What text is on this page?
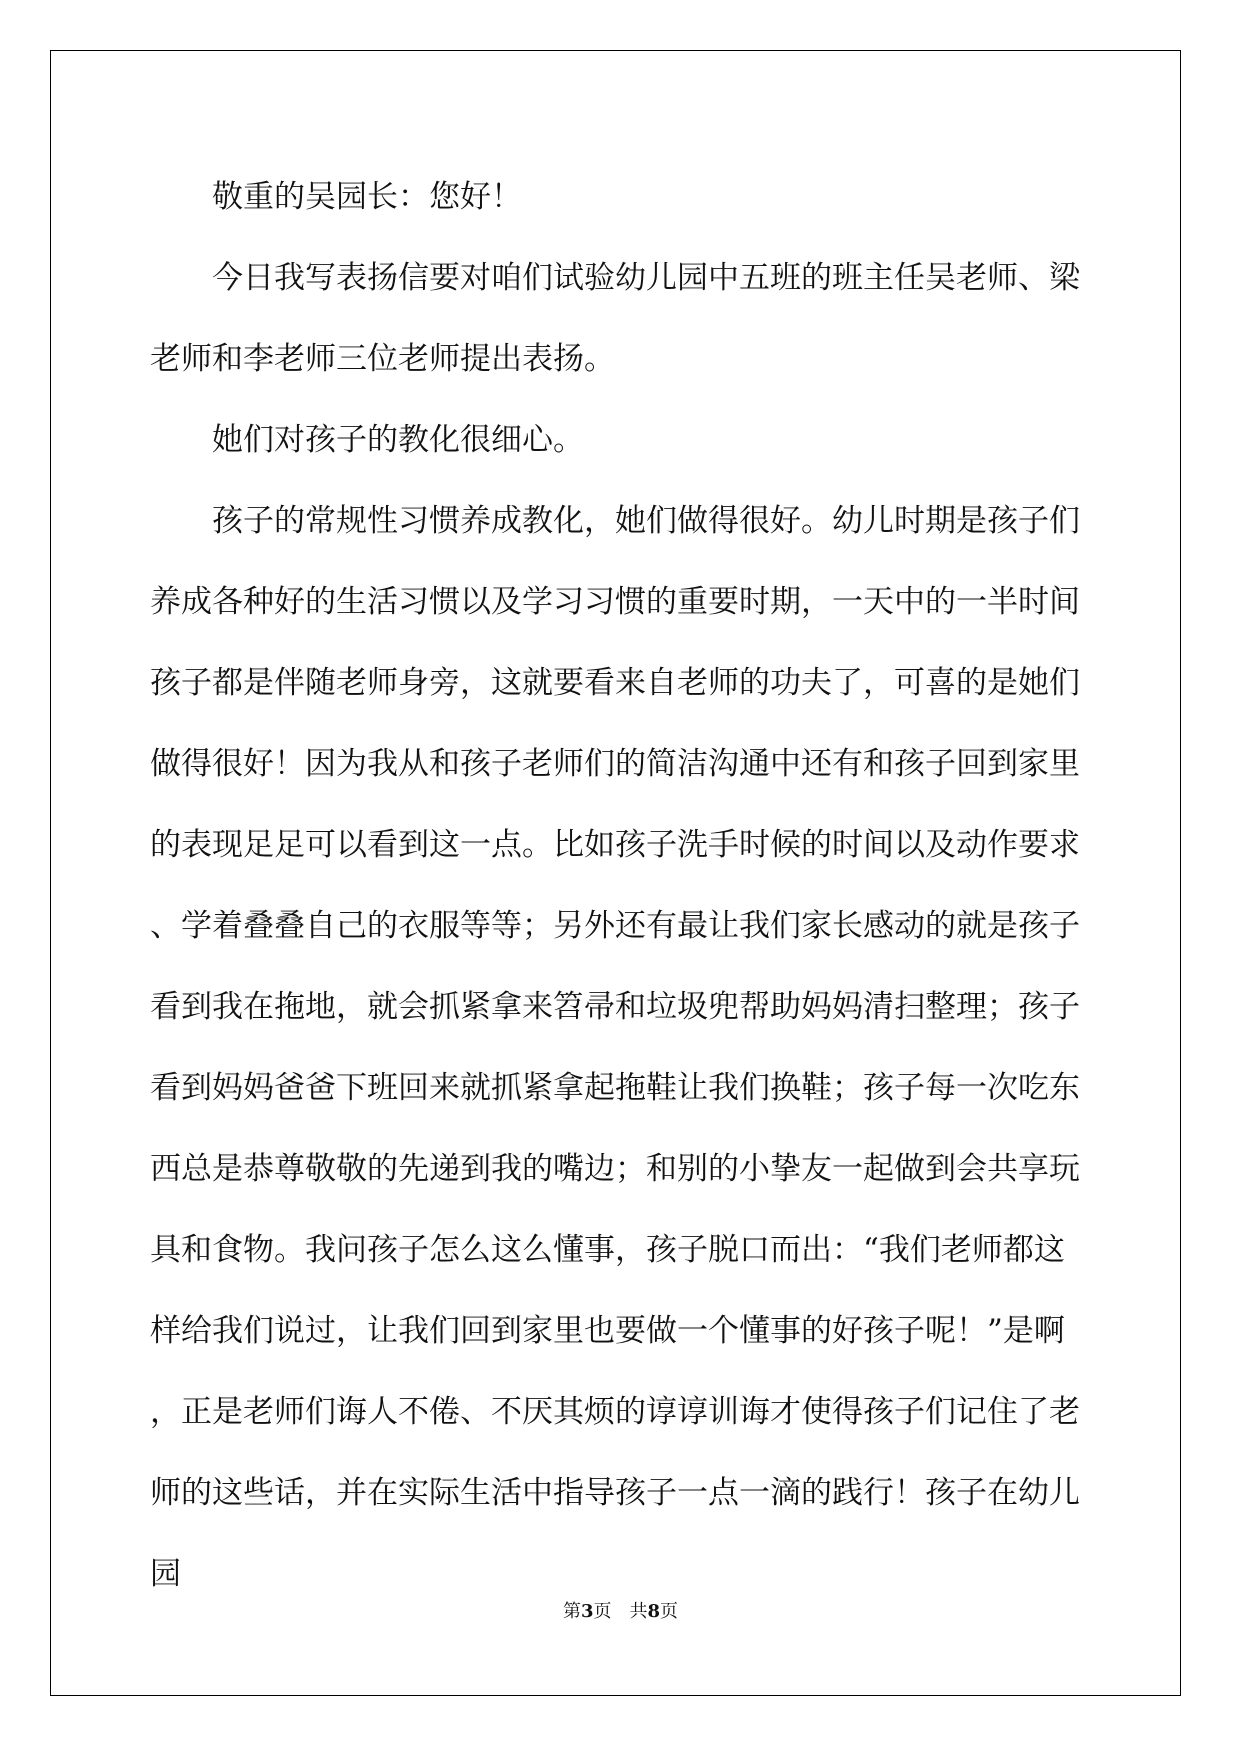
敬重的吴园长：您好！

今日我写表扬信要对咱们试验幼儿园中五班的班主任吴老师、梁老师和李老师三位老师提出表扬。

她们对孩子的教化很细心。

孩子的常规性习惯养成教化，她们做得很好。幼儿时期是孩子们养成各种好的生活习惯以及学习习惯的重要时期，一天中的一半时间孩子都是伴随老师身旁，这就要看来自老师的功夫了，可喜的是她们做得很好！因为我从和孩子老师们的简洁沟通中还有和孩子回到家里的表现足足可以看到这一点。比如孩子洗手时候的时间以及动作要求、学着叠叠自己的衣服等等；另外还有最让我们家长感动的就是孩子看到我在拖地，就会抓紧拿来笤帚和垃圾兜帮助妈妈清扫整理；孩子看到妈妈爸爸下班回来就抓紧拿起拖鞋让我们换鞋；孩子每一次吃东西总是恭尊敬敬的先递到我的嘴边；和别的小挚友一起做到会共享玩具和食物。我问孩子怎么这么懂事，孩子脱口而出：“我们老师都这样给我们说过，让我们回到家里也要做一个懂事的好孩子呢！”是啊，正是老师们诲人不倦、不厌其烦的谆谆训诲才使得孩子们记住了老师的这些话，并在实际生活中指导孩子一点一滴的践行！孩子在幼儿园

第3页 共8页
